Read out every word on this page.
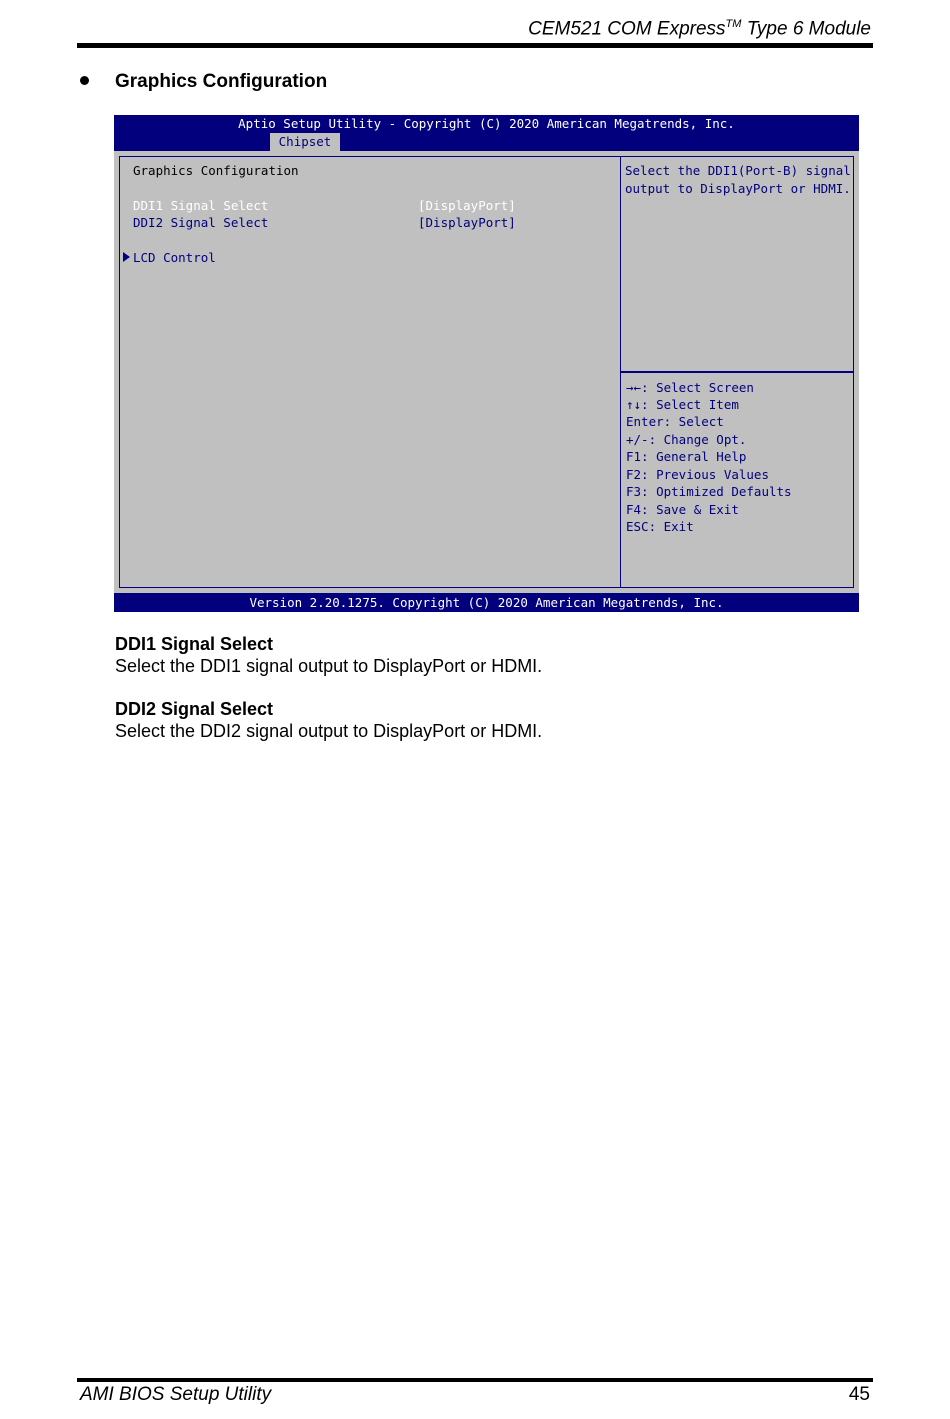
CEM521 COM Express™ Type 6 Module
Graphics Configuration
Aptio Setup Utility - Copyright (C) 2020 American Megatrends, Inc.
Chipset
Graphics Configuration
DDI1 Signal Select	[DisplayPort]
DDI2 Signal Select	[DisplayPort]
LCD Control
Select the DDI1(Port-B) signal
output to DisplayPort or HDMI.
→←: Select Screen
↑↓: Select Item
Enter: Select
+/-: Change Opt.
F1: General Help
F2: Previous Values
F3: Optimized Defaults
F4: Save & Exit
ESC: Exit
Version 2.20.1275. Copyright (C) 2020 American Megatrends, Inc.
DDI1 Signal Select
Select the DDI1 signal output to DisplayPort or HDMI.
DDI2 Signal Select
Select the DDI2 signal output to DisplayPort or HDMI.
AMI BIOS Setup Utility	45
